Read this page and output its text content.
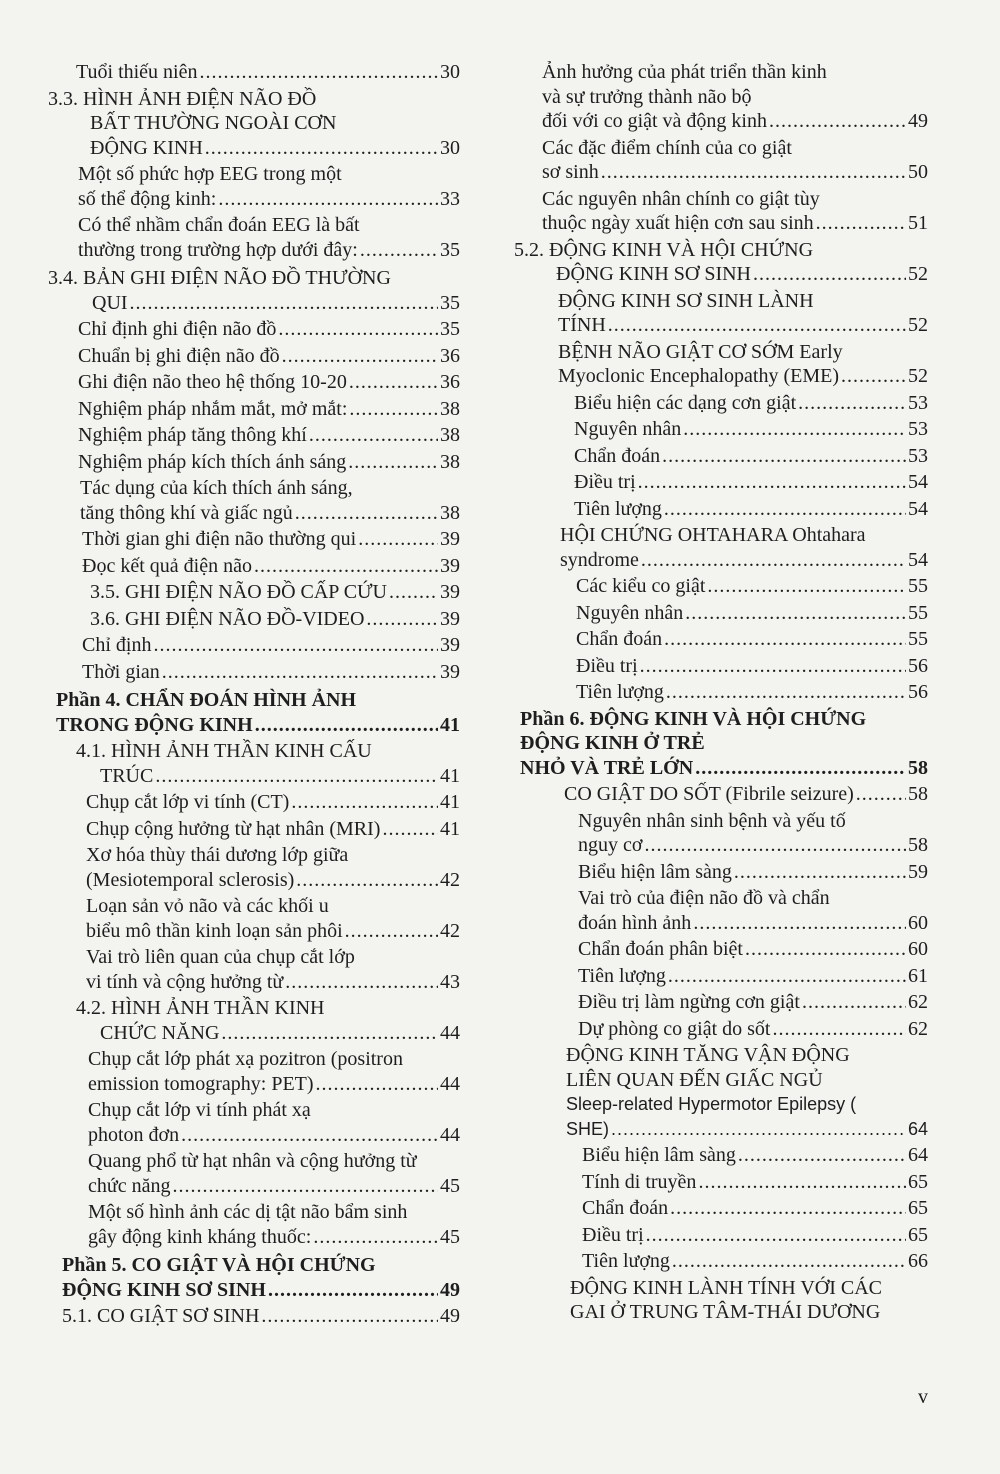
Tuổi thiếu niên .....	30
3.3. HÌNH ẢNH ĐIỆN NÃO ĐỒ
BẤT THƯỜNG NGOÀI CƠN
ĐỘNG KINH .....	30
Một số phức hợp EEG trong một
số thể động kinh: .....	33
Có thể nhầm chẩn đoán EEG là bất
thường trong trường hợp dưới đây: .....	35
3.4. BẢN GHI ĐIỆN NÃO ĐỒ THƯỜNG
QUI .....	35
Chỉ định ghi điện não đồ .....	35
Chuẩn bị ghi điện não đồ .....	36
Ghi điện não theo hệ thống 10-20 .....	36
Nghiệm pháp nhắm mắt, mở mắt: .....	38
Nghiệm pháp tăng thông khí .....	38
Nghiệm pháp kích thích ánh sáng .....	38
Tác dụng của kích thích ánh sáng,
tăng thông khí và giấc ngủ .....	38
Thời gian ghi điện não thường qui .....	39
Đọc kết quả điện não .....	39
3.5. GHI ĐIỆN NÃO ĐỒ CẤP CỨU .....	39
3.6. GHI ĐIỆN NÃO ĐỒ-VIDEO .....	39
Chỉ định .....	39
Thời gian .....	39
Phần 4. CHẨN ĐOÁN HÌNH ẢNH
TRONG ĐỘNG KINH .....	41
4.1. HÌNH ẢNH THẦN KINH CẤU
TRÚC .....	41
Chụp cắt lớp vi tính (CT) .....	41
Chụp cộng hưởng từ hạt nhân (MRI) .....	41
Xơ hóa thùy thái dương lớp giữa
(Mesiotemporal sclerosis) .....	42
Loạn sản vỏ não và các khối u
biểu mô thần kinh loạn sản phôi .....	42
Vai trò liên quan của chụp cắt lớp
vi tính và cộng hưởng từ .....	43
4.2. HÌNH ẢNH THẦN KINH
CHỨC NĂNG .....	44
Chụp cắt lớp phát xạ pozitron (positron
emission tomography: PET) .....	44
Chụp cắt lớp vi tính phát xạ
photon đơn .....	44
Quang phổ từ hạt nhân và cộng hưởng từ
chức năng .....	45
Một số hình ảnh các dị tật não bẩm sinh
gây động kinh kháng thuốc: .....	45
Phần 5. CO GIẬT VÀ HỘI CHỨNG
ĐỘNG KINH SƠ SINH .....	49
5.1. CO GIẬT SƠ SINH .....	49
Ảnh hưởng của phát triển thần kinh
và sự trưởng thành não bộ
đối với co giật và động kinh .....	49
Các đặc điểm chính của co giật
sơ sinh .....	50
Các nguyên nhân chính co giật tùy
thuộc ngày xuất hiện cơn sau sinh .....	51
5.2. ĐỘNG KINH VÀ HỘI CHỨNG
ĐỘNG KINH SƠ SINH .....	52
ĐỘNG KINH SƠ SINH LÀNH
TÍNH .....	52
BỆNH NÃO GIẬT CƠ SỚM Early
Myoclonic Encephalopathy (EME) .....	52
Biểu hiện các dạng cơn giật .....	53
Nguyên nhân .....	53
Chẩn đoán .....	53
Điều trị .....	54
Tiên lượng .....	54
HỘI CHỨNG OHTAHARA Ohtahara
syndrome .....	54
Các kiểu co giật .....	55
Nguyên nhân .....	55
Chẩn đoán .....	55
Điều trị .....	56
Tiên lượng .....	56
Phần 6. ĐỘNG KINH VÀ HỘI CHỨNG
ĐỘNG KINH Ở TRẺ
NHỎ VÀ TRẺ LỚN .....	58
CO GIẬT DO SỐT (Fibrile seizure) .....	58
Nguyên nhân sinh bệnh và yếu tố
nguy cơ .....	58
Biểu hiện lâm sàng .....	59
Vai trò của điện não đồ và chẩn
đoán hình ảnh .....	60
Chẩn đoán phân biệt .....	60
Tiên lượng .....	61
Điều trị làm ngừng cơn giật .....	62
Dự phòng co giật do sốt .....	62
ĐỘNG KINH TĂNG VẬN ĐỘNG
LIÊN QUAN ĐẾN GIẤC NGỦ
Sleep-related Hypermotor Epilepsy (
SHE) .....	64
Biểu hiện lâm sàng .....	64
Tính di truyền .....	65
Chẩn đoán .....	65
Điều trị .....	65
Tiên lượng .....	66
ĐỘNG KINH LÀNH TÍNH VỚI CÁC
GAI Ở TRUNG TÂM-THÁI DƯƠNG
v
